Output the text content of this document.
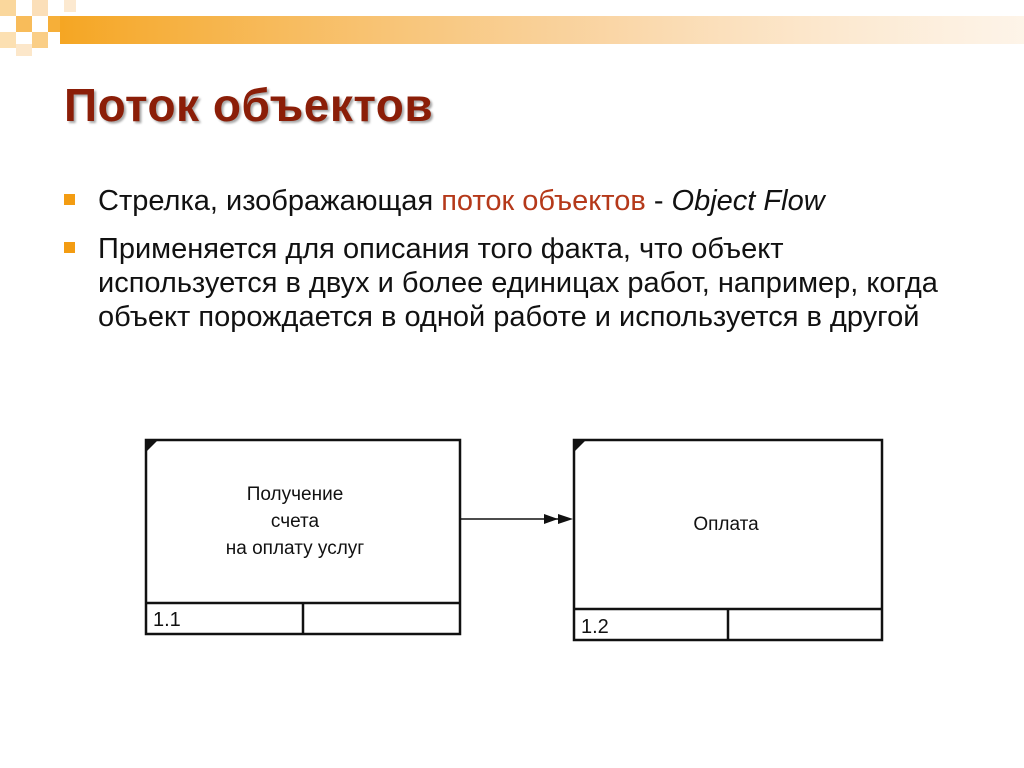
Поток объектов
Стрелка, изображающая поток объектов - Object Flow
Применяется для описания того факта, что объект используется в двух и более единицах работ, например, когда объект порождается в одной работе и используется в другой
Получение
счета
на оплату услуг
1.1
Оплата
1.2
